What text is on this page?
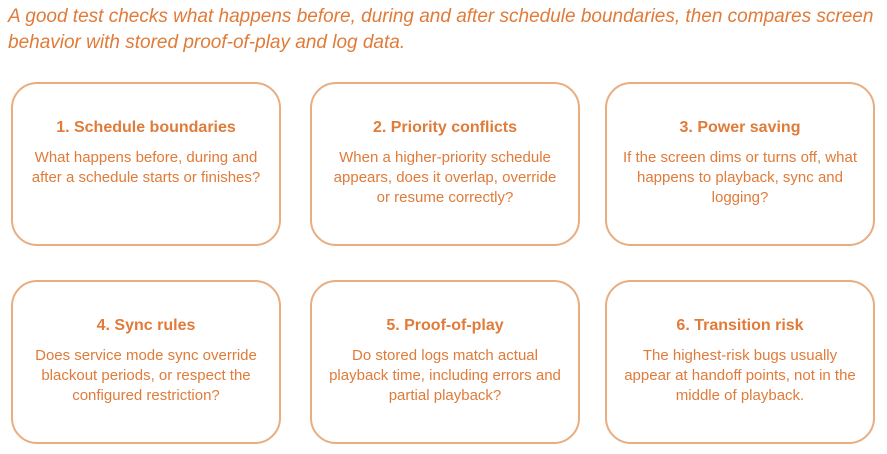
A good test checks what happens before, during and after schedule boundaries, then compares screen behavior with stored proof-of-play and log data.

1. Schedule boundaries
What happens before, during and after a schedule starts or finishes?
2. Priority conflicts
When a higher-priority schedule appears, does it overlap, override or resume correctly?
3. Power saving
If the screen dims or turns off, what happens to playback, sync and logging?
4. Sync rules
Does service mode sync override blackout periods, or respect the configured restriction?
5. Proof-of-play
Do stored logs match actual playback time, including errors and partial playback?
6. Transition risk
The highest-risk bugs usually appear at handoff points, not in the middle of playback.
